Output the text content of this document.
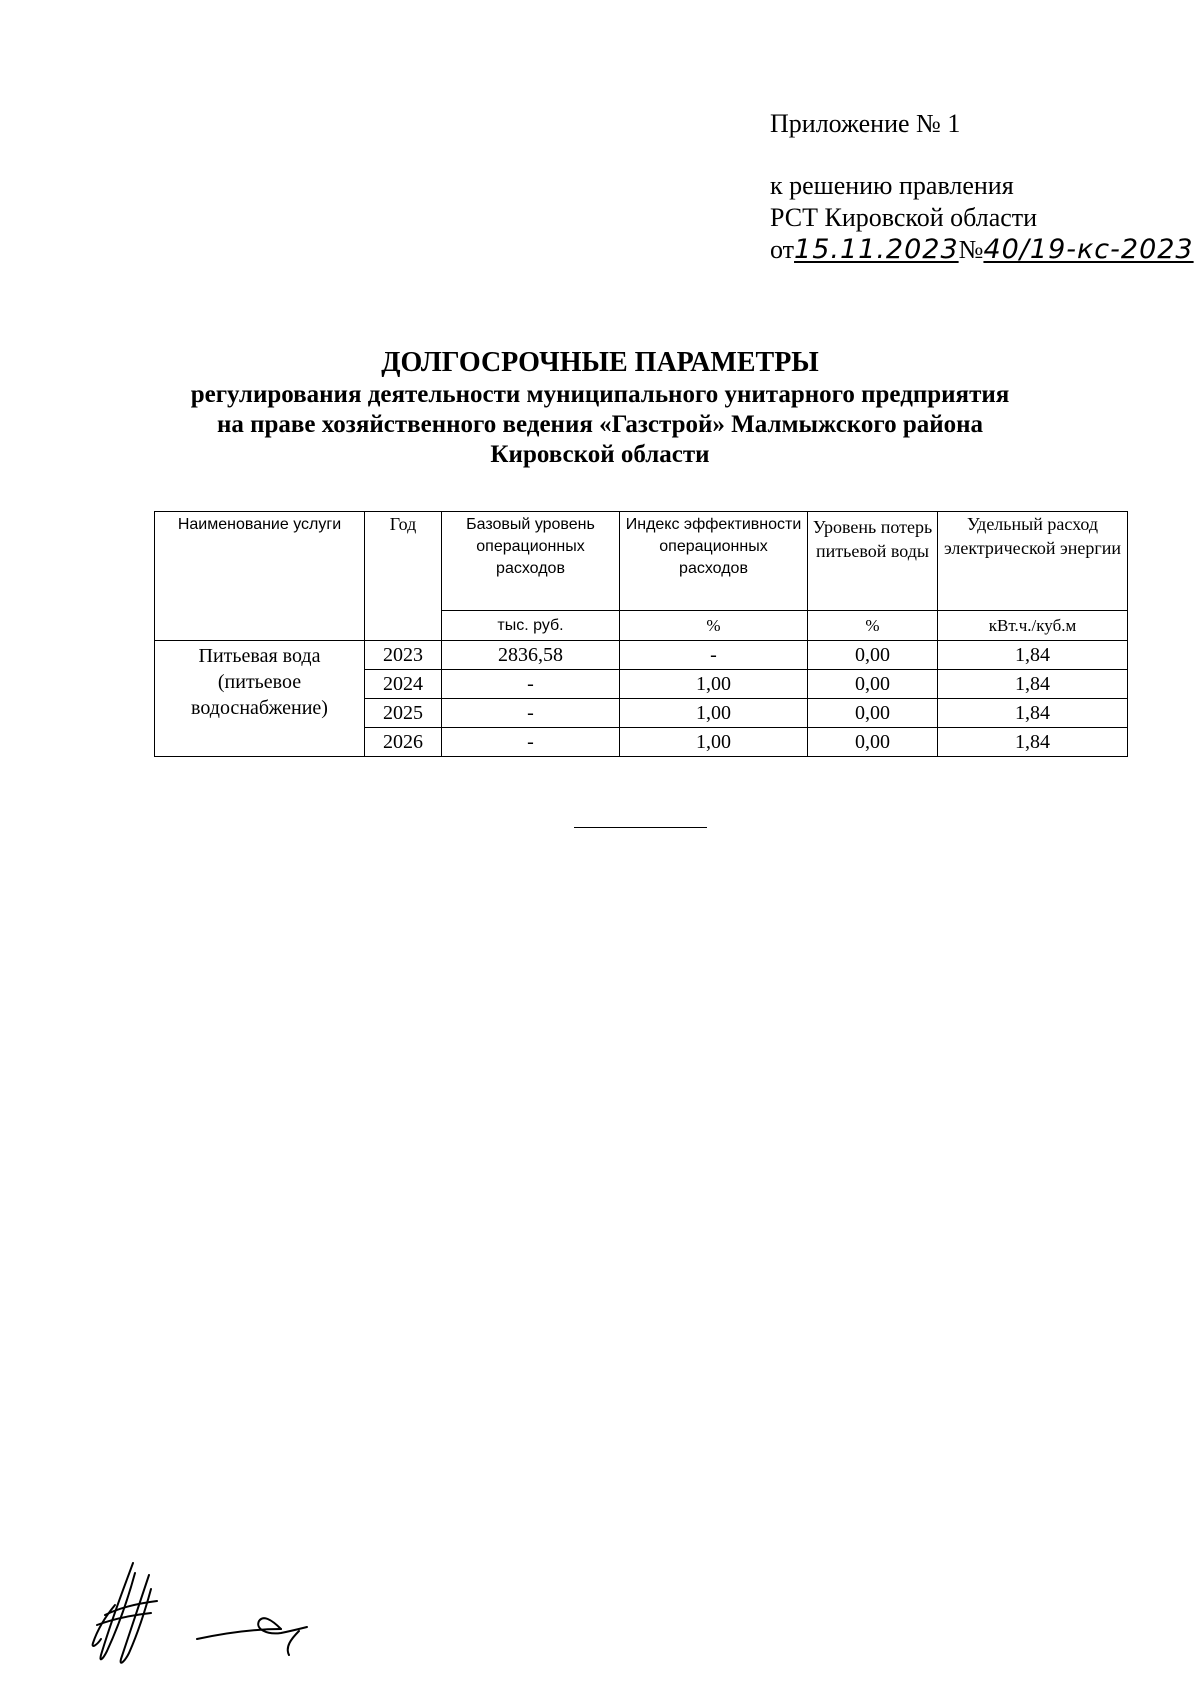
Приложение № 1
к решению правления
РСТ Кировской области
от15.11.2023№40/19-кс-2023
ДОЛГОСРОЧНЫЕ ПАРАМЕТРЫ
регулирования деятельности муниципального унитарного предприятия
на праве хозяйственного ведения «Газстрой» Малмыжского района
Кировской области
Наименование услуги	Год	Базовый уровень операционных расходов	Индекс эффективности операционных расходов	Уровень потерь питьевой воды	Удельный расход электрической энергии
		тыс. руб.	%	%	кВт.ч./куб.м
Питьевая вода (питьевое водоснабжение)	2023	2836,58	-	0,00	1,84
	2024	-	1,00	0,00	1,84
	2025	-	1,00	0,00	1,84
	2026	-	1,00	0,00	1,84
